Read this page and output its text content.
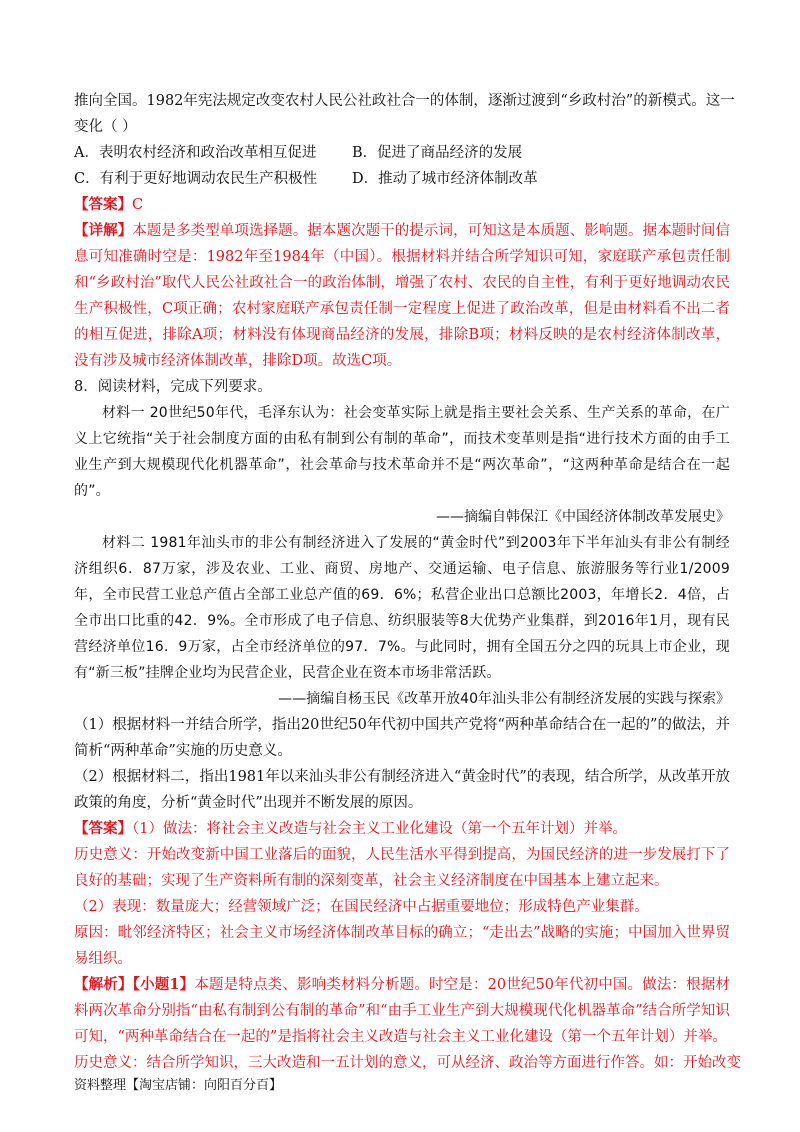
推向全国。1982年宪法规定改变农村人民公社政社合一的体制，逐渐过渡到“乡政村治”的新模式。这一
变化（ ）
A．表明农村经济和政治改革相互促进	B．促进了商品经济的发展
C．有利于更好地调动农民生产积极性	D．推动了城市经济体制改革
【答案】C
【详解】本题是多类型单项选择题。据本题次题干的提示词，可知这是本质题、影响题。据本题时间信息可知准确时空是：1982年至1984年（中国）。根据材料并结合所学知识可知，家庭联产承包责任制和“乡政村治”取代人民公社政社合一的政治体制，增强了农村、农民的自主性，有利于更好地调动农民生产积极性，C项正确；农村家庭联产承包责任制一定程度上促进了政治改革，但是由材料看不出二者的相互促进，排除A项；材料没有体现商品经济的发展，排除B项；材料反映的是农村经济体制改革，没有涉及城市经济体制改革，排除D项。故选C项。
8．阅读材料，完成下列要求。
材料一 20世纪50年代，毛泽东认为：社会变革实际上就是指主要社会关系、生产关系的革命，在广义上它统指“关于社会制度方面的由私有制到公有制的革命”，而技术变革则是指“进行技术方面的由手工业生产到大规模现代化机器革命”，社会革命与技术革命并不是“两次革命”，“这两种革命是结合在一起的”。
——摘编自韩保江《中国经济体制改革发展史》
材料二 1981年汕头市的非公有制经济进入了发展的“黄金时代”到2003年下半年汕头有非公有制经济组织6．87万家，涉及农业、工业、商贸、房地产、交通运输、电子信息、旅游服务等行业1/2009年，全市民营工业总产值占全部工业总产值的69．6%；私营企业出口总额比2003，年增长2．4倍，占全市出口比重的42．9%。全市形成了电子信息、纺织服装等8大优势产业集群，到2016年1月，现有民营经济单位16．9万家，占全市经济单位的97．7%。与此同时，拥有全国五分之四的玩具上市企业，现有“新三板”挂牌企业均为民营企业，民营企业在资本市场非常活跃。
——摘编自杨玉民《改革开放40年汕头非公有制经济发展的实践与探索》
（1）根据材料一并结合所学，指出20世纪50年代初中国共产党将“两种革命结合在一起的”的做法，并简析“两种革命”实施的历史意义。
（2）根据材料二，指出1981年以来汕头非公有制经济进入“黄金时代”的表现，结合所学，从改革开放政策的角度，分析“黄金时代”出现并不断发展的原因。
【答案】（1）做法：将社会主义改造与社会主义工业化建设（第一个五年计划）并举。
历史意义：开始改变新中国工业落后的面貌，人民生活水平得到提高，为国民经济的进一步发展打下了良好的基础；实现了生产资料所有制的深刻变革，社会主义经济制度在中国基本上建立起来。
（2）表现：数量庞大；经营领域广泛；在国民经济中占据重要地位；形成特色产业集群。
原因：毗邻经济特区；社会主义市场经济体制改革目标的确立；“走出去”战略的实施；中国加入世界贸易组织。
【解析】【小题1】本题是特点类、影响类材料分析题。时空是：20世纪50年代初中国。做法：根据材料两次革命分别指“由私有制到公有制的革命”和“由手工业生产到大规模现代化机器革命”结合所学知识可知，“两种革命结合在一起的”是指将社会主义改造与社会主义工业化建设（第一个五年计划）并举。
历史意义：结合所学知识，三大改造和一五计划的意义，可从经济、政治等方面进行作答。如：开始改变
资料整理【淘宝店铺：向阳百分百】
